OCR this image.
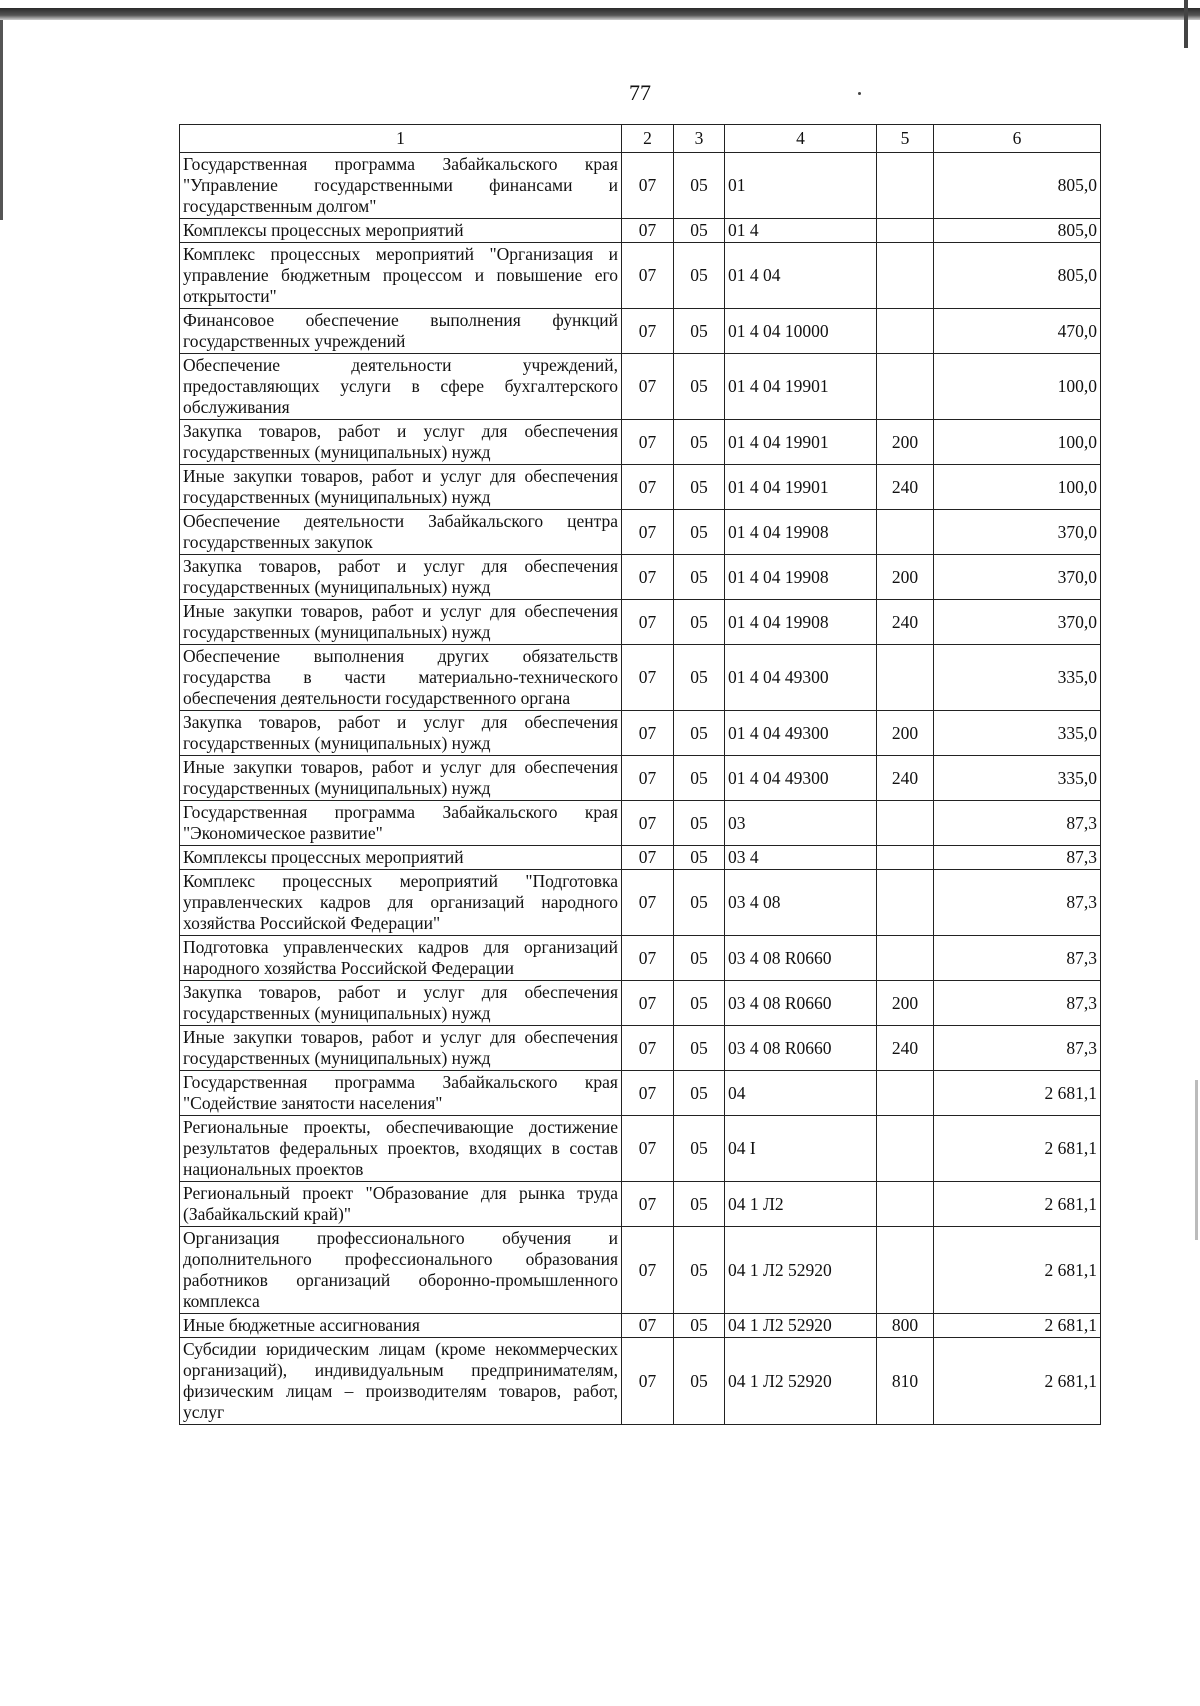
77
1	2	3	4	5	6
Государственная программа Забайкальского края "Управление государственными финансами и государственным долгом"	07	05	01		805,0
Комплексы процессных мероприятий	07	05	01 4		805,0
Комплекс процессных мероприятий "Организация и управление бюджетным процессом и повышение его открытости"	07	05	01 4 04		805,0
Финансовое обеспечение выполнения функций государственных учреждений	07	05	01 4 04 10000		470,0
Обеспечение деятельности учреждений, предоставляющих услуги в сфере бухгалтерского обслуживания	07	05	01 4 04 19901		100,0
Закупка товаров, работ и услуг для обеспечения государственных (муниципальных) нужд	07	05	01 4 04 19901	200	100,0
Иные закупки товаров, работ и услуг для обеспечения государственных (муниципальных) нужд	07	05	01 4 04 19901	240	100,0
Обеспечение деятельности Забайкальского центра государственных закупок	07	05	01 4 04 19908		370,0
Закупка товаров, работ и услуг для обеспечения государственных (муниципальных) нужд	07	05	01 4 04 19908	200	370,0
Иные закупки товаров, работ и услуг для обеспечения государственных (муниципальных) нужд	07	05	01 4 04 19908	240	370,0
Обеспечение выполнения других обязательств государства в части материально-технического обеспечения деятельности государственного органа	07	05	01 4 04 49300		335,0
Закупка товаров, работ и услуг для обеспечения государственных (муниципальных) нужд	07	05	01 4 04 49300	200	335,0
Иные закупки товаров, работ и услуг для обеспечения государственных (муниципальных) нужд	07	05	01 4 04 49300	240	335,0
Государственная программа Забайкальского края "Экономическое развитие"	07	05	03		87,3
Комплексы процессных мероприятий	07	05	03 4		87,3
Комплекс процессных мероприятий "Подготовка управленческих кадров для организаций народного хозяйства Российской Федерации"	07	05	03 4 08		87,3
Подготовка управленческих кадров для организаций народного хозяйства Российской Федерации	07	05	03 4 08 R0660		87,3
Закупка товаров, работ и услуг для обеспечения государственных (муниципальных) нужд	07	05	03 4 08 R0660	200	87,3
Иные закупки товаров, работ и услуг для обеспечения государственных (муниципальных) нужд	07	05	03 4 08 R0660	240	87,3
Государственная программа Забайкальского края "Содействие занятости населения"	07	05	04		2 681,1
Региональные проекты, обеспечивающие достижение результатов федеральных проектов, входящих в состав национальных проектов	07	05	04 I		2 681,1
Региональный проект "Образование для рынка труда (Забайкальский край)"	07	05	04 1 Л2		2 681,1
Организация профессионального обучения и дополнительного профессионального образования работников организаций оборонно-промышленного комплекса	07	05	04 1 Л2 52920		2 681,1
Иные бюджетные ассигнования	07	05	04 1 Л2 52920	800	2 681,1
Субсидии юридическим лицам (кроме некоммерческих организаций), индивидуальным предпринимателям, физическим лицам – производителям товаров, работ, услуг	07	05	04 1 Л2 52920	810	2 681,1
